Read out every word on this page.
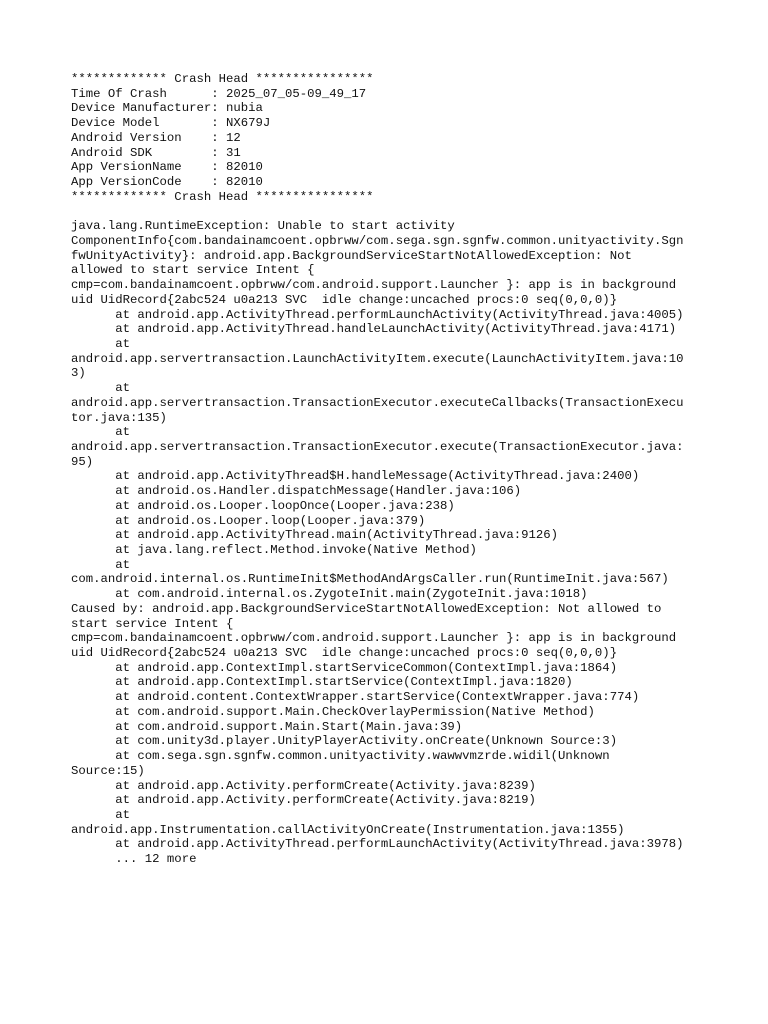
************* Crash Head ****************
Time Of Crash      : 2025_07_05-09_49_17
Device Manufacturer: nubia
Device Model       : NX679J
Android Version    : 12
Android SDK        : 31
App VersionName    : 82010
App VersionCode    : 82010
************* Crash Head ****************
java.lang.RuntimeException: Unable to start activity
ComponentInfo{com.bandainamcoent.opbrww/com.sega.sgn.sgnfw.common.unityactivity.Sgn
fwUnityActivity}: android.app.BackgroundServiceStartNotAllowedException: Not
allowed to start service Intent {
cmp=com.bandainamcoent.opbrww/com.android.support.Launcher }: app is in background
uid UidRecord{2abc524 u0a213 SVC  idle change:uncached procs:0 seq(0,0,0)}
at android.app.ActivityThread.performLaunchActivity(ActivityThread.java:4005)
at android.app.ActivityThread.handleLaunchActivity(ActivityThread.java:4171)
at
android.app.servertransaction.LaunchActivityItem.execute(LaunchActivityItem.java:10
3)
at
android.app.servertransaction.TransactionExecutor.executeCallbacks(TransactionExecu
tor.java:135)
at
android.app.servertransaction.TransactionExecutor.execute(TransactionExecutor.java:
95)
at android.app.ActivityThread$H.handleMessage(ActivityThread.java:2400)
at android.os.Handler.dispatchMessage(Handler.java:106)
at android.os.Looper.loopOnce(Looper.java:238)
at android.os.Looper.loop(Looper.java:379)
at android.app.ActivityThread.main(ActivityThread.java:9126)
at java.lang.reflect.Method.invoke(Native Method)
at
com.android.internal.os.RuntimeInit$MethodAndArgsCaller.run(RuntimeInit.java:567)
at com.android.internal.os.ZygoteInit.main(ZygoteInit.java:1018)
Caused by: android.app.BackgroundServiceStartNotAllowedException: Not allowed to
start service Intent {
cmp=com.bandainamcoent.opbrww/com.android.support.Launcher }: app is in background
uid UidRecord{2abc524 u0a213 SVC  idle change:uncached procs:0 seq(0,0,0)}
at android.app.ContextImpl.startServiceCommon(ContextImpl.java:1864)
at android.app.ContextImpl.startService(ContextImpl.java:1820)
at android.content.ContextWrapper.startService(ContextWrapper.java:774)
at com.android.support.Main.CheckOverlayPermission(Native Method)
at com.android.support.Main.Start(Main.java:39)
at com.unity3d.player.UnityPlayerActivity.onCreate(Unknown Source:3)
at com.sega.sgn.sgnfw.common.unityactivity.wawwvmzrde.widil(Unknown
Source:15)
at android.app.Activity.performCreate(Activity.java:8239)
at android.app.Activity.performCreate(Activity.java:8219)
at
android.app.Instrumentation.callActivityOnCreate(Instrumentation.java:1355)
at android.app.ActivityThread.performLaunchActivity(ActivityThread.java:3978)
... 12 more
